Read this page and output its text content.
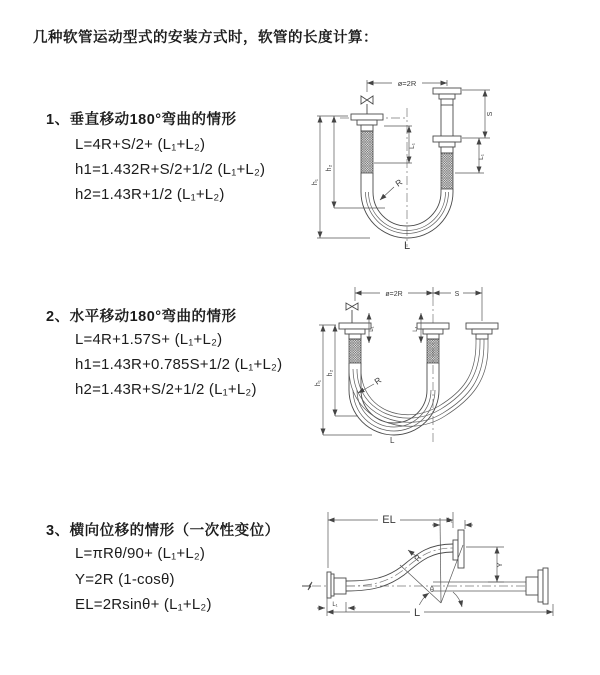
几种软管运动型式的安装方式时，软管的长度计算：
1、垂直移动180°弯曲的情形
L=4R+S/2+ (L₁+L₂)
h1=1.432R+S/2+1/2 (L₁+L₂)
h2=1.43R+1/2 (L₁+L₂)
2、水平移动180°弯曲的情形
L=4R+1.57S+ (L₁+L₂)
h1=1.43R+0.785S+1/2 (L₁+L₂)
h2=1.43R+S/2+1/2 (L₁+L₂)
3、横向位移的情形（一次性变位）
L=πRθ/90+ (L₁+L₂)
Y=2R (1-cosθ)
EL=2Rsinθ+ (L₁+L₂)
ø=2R
h₁
h₂
L₁
S
L₁
R
L
ø=2R	S
h₁
h₂
L₁	L₁
R
L
EL	L₁
Y
θ
R
L
L₁
